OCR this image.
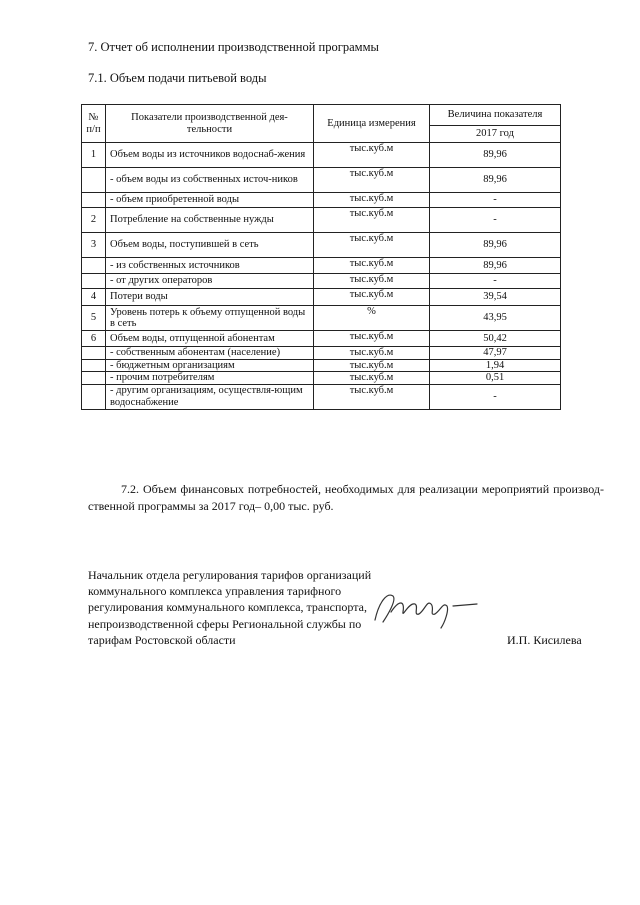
7. Отчет об исполнении производственной программы
7.1. Объем подачи питьевой воды
№ п/п	Показатели производственной дея-тельности	Единица измерения	Величина показателя
			2017 год
1	Объем воды из источников водоснаб-жения	тыс.куб.м	89,96
	- объем воды из собственных источ-ников	тыс.куб.м	89,96
	- объем приобретенной воды	тыс.куб.м	-
2	Потребление на собственные нужды	тыс.куб.м	-
3	Объем воды, поступившей в сеть	тыс.куб.м	89,96
	- из собственных источников	тыс.куб.м	89,96
	- от других операторов	тыс.куб.м	-
4	Потери воды	тыс.куб.м	39,54
5	Уровень потерь к объему отпущенной воды в сеть	%	43,95
6	Объем воды, отпущенной абонентам	тыс.куб.м	50,42
	- собственным абонентам (население)	тыс.куб.м	47,97
	- бюджетным организациям	тыс.куб.м	1,94
	- прочим потребителям	тыс.куб.м	0,51
	- другим организациям, осуществля-ющим водоснабжение	тыс.куб.м	-
7.2. Объем финансовых потребностей, необходимых для реализации мероприятий производ-ственной программы за 2017 год– 0,00 тыс. руб.
Начальник отдела регулирования тарифов организаций
коммунального комплекса управления тарифного
регулирования коммунального комплекса, транспорта,
непроизводственной сферы Региональной службы по
тарифам Ростовской области	И.П. Кисилева
